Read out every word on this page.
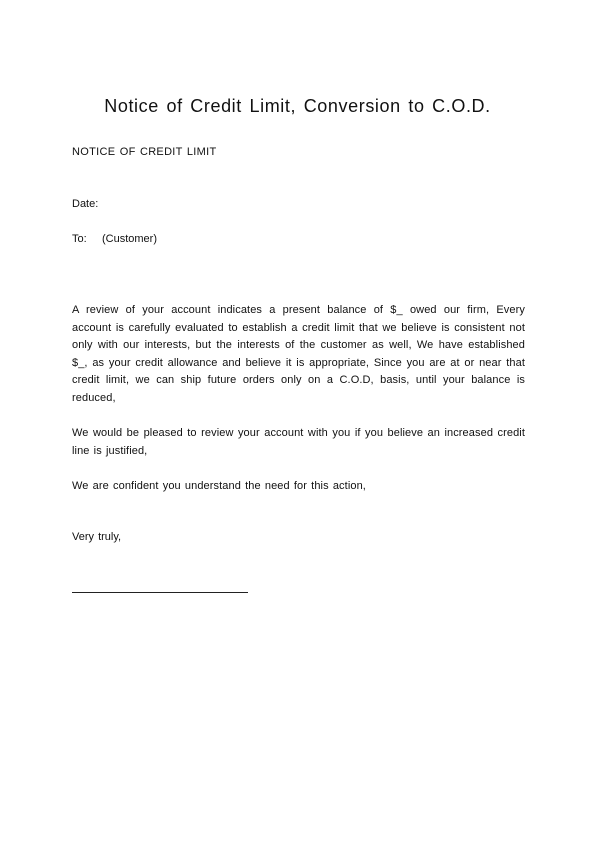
Notice of Credit Limit, Conversion to C.O.D.
NOTICE OF CREDIT LIMIT
Date:
To: (Customer)

A review of your account indicates a present balance of $_ owed our firm, Every account is carefully evaluated to establish a credit limit that we believe is consistent not only with our interests, but the interests of the customer as well, We have established $_, as your credit allowance and believe it is appropriate, Since you are at or near that credit limit, we can ship future orders only on a C.O.D, basis, until your balance is reduced,

We would be pleased to review your account with you if you believe an increased credit line is justified,

We are confident you understand the need for this action,

Very truly,
